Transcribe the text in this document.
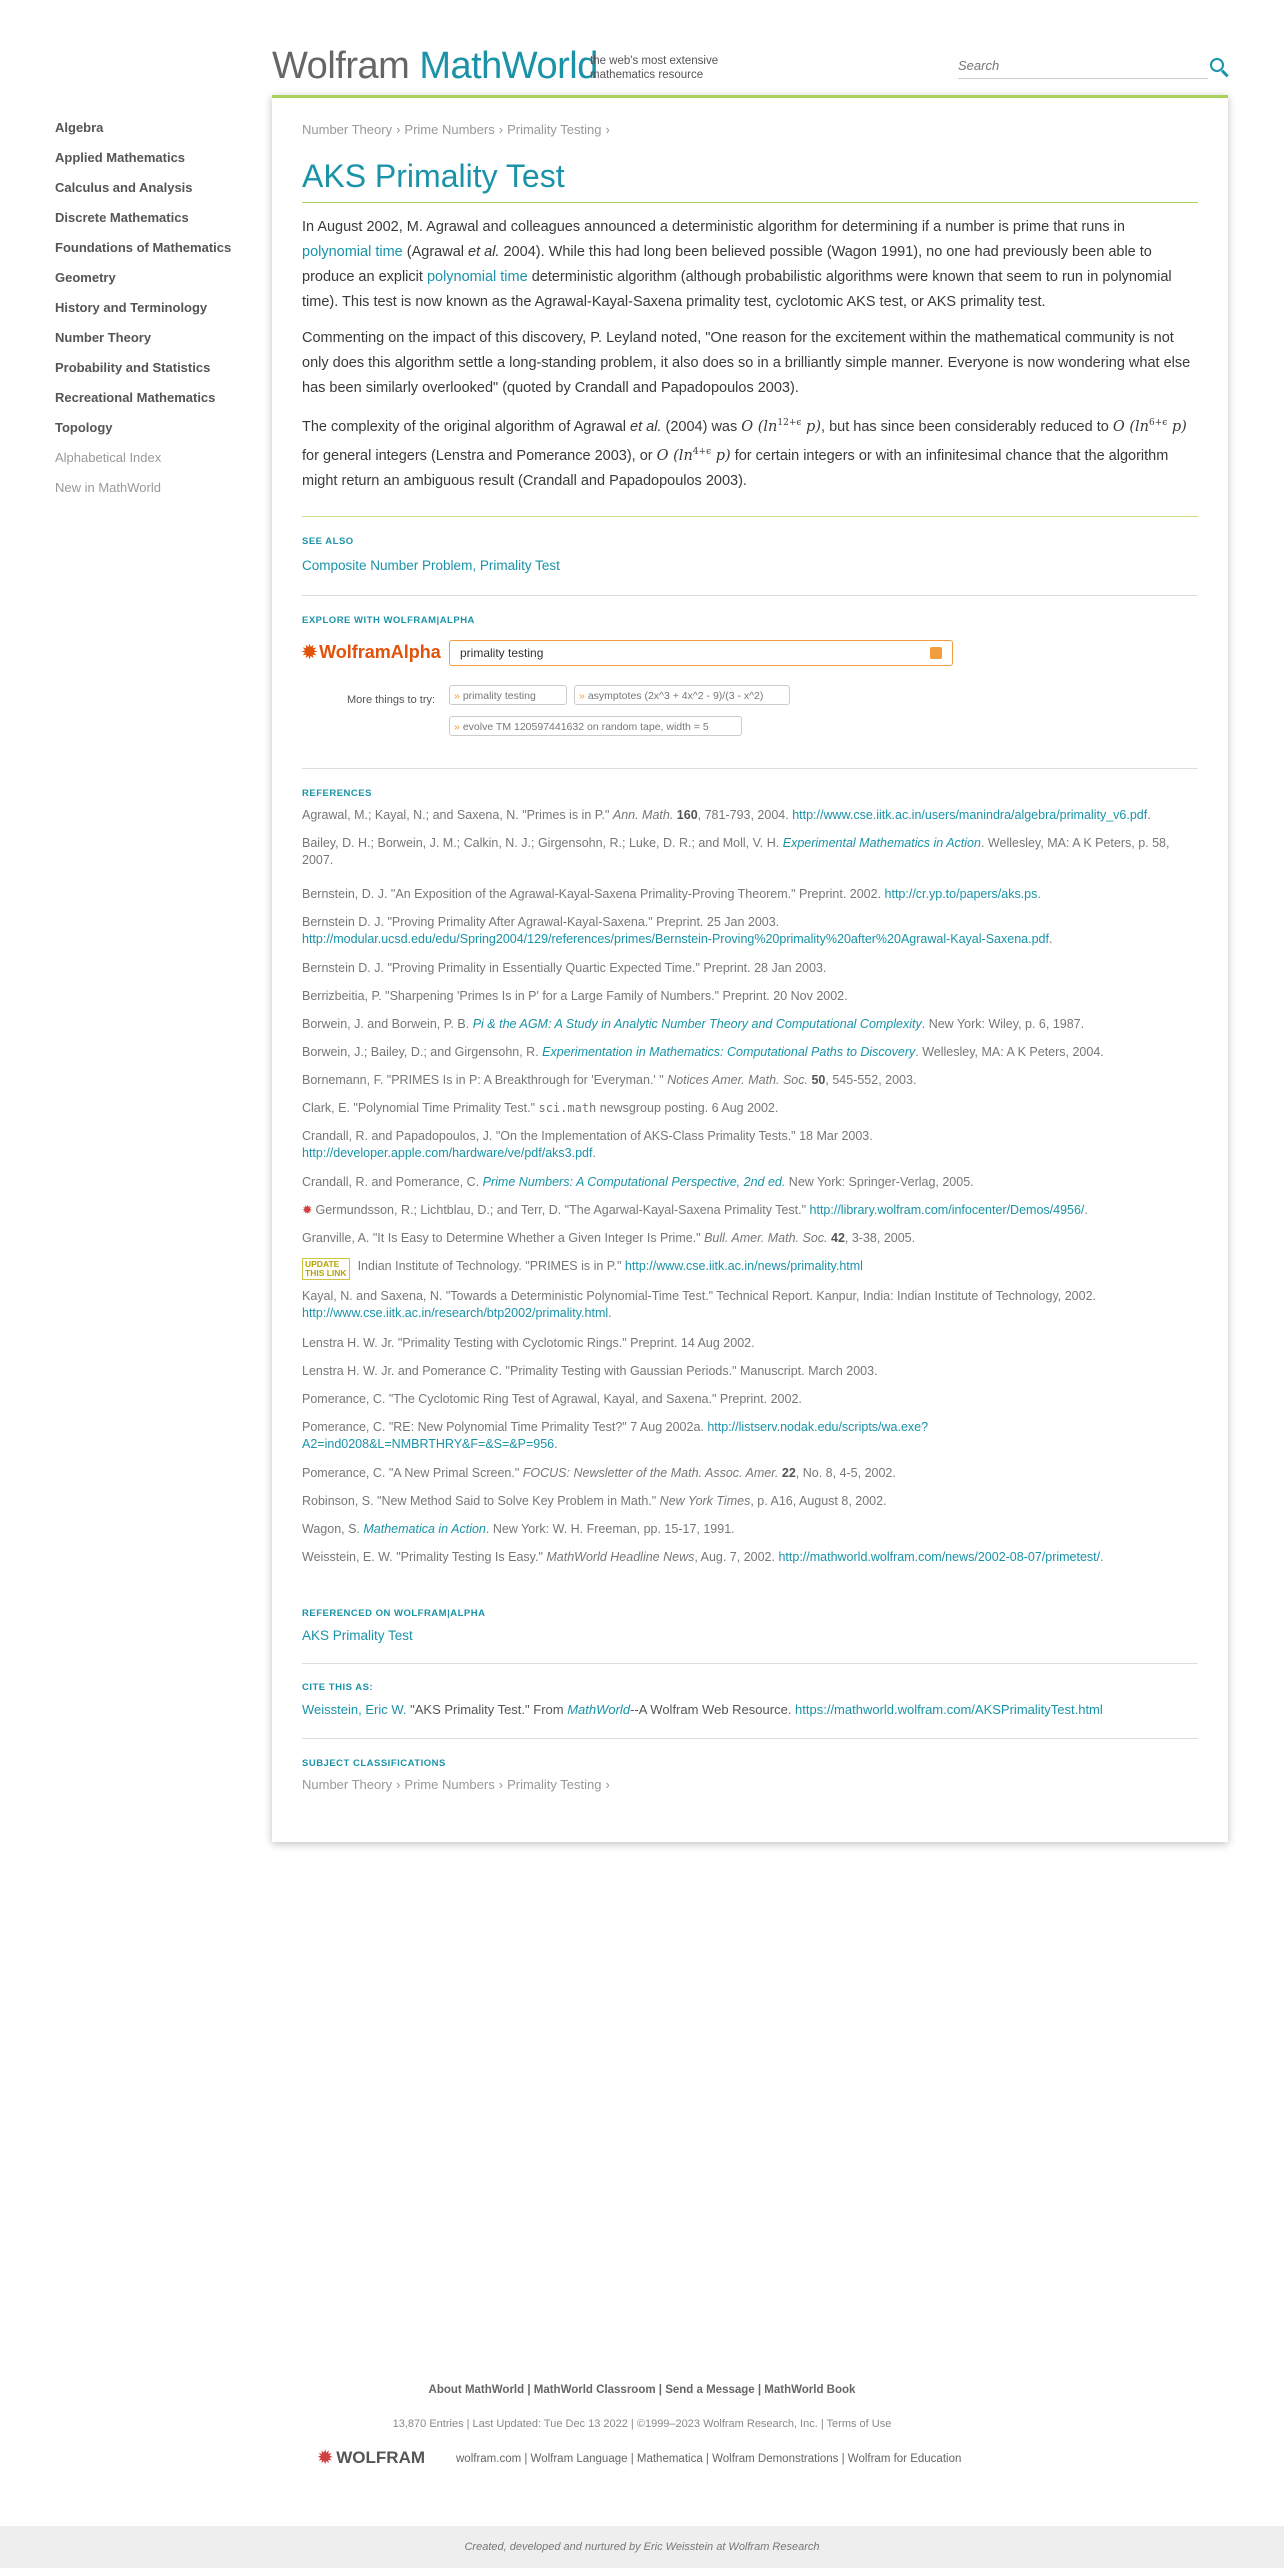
Wolfram MathWorld
the web's most extensive mathematics resource
Search
Algebra
Applied Mathematics
Calculus and Analysis
Discrete Mathematics
Foundations of Mathematics
Geometry
History and Terminology
Number Theory
Probability and Statistics
Recreational Mathematics
Topology
Alphabetical Index
New in MathWorld
Number Theory › Prime Numbers › Primality Testing ›
AKS Primality Test
In August 2002, M. Agrawal and colleagues announced a deterministic algorithm for determining if a number is prime that runs in polynomial time (Agrawal et al. 2004). While this had long been believed possible (Wagon 1991), no one had previously been able to produce an explicit polynomial time deterministic algorithm (although probabilistic algorithms were known that seem to run in polynomial time). This test is now known as the Agrawal-Kayal-Saxena primality test, cyclotomic AKS test, or AKS primality test.
Commenting on the impact of this discovery, P. Leyland noted, "One reason for the excitement within the mathematical community is not only does this algorithm settle a long-standing problem, it also does so in a brilliantly simple manner. Everyone is now wondering what else has been similarly overlooked" (quoted by Crandall and Papadopoulos 2003).
The complexity of the original algorithm of Agrawal et al. (2004) was O ($\ln^{12+\epsilon}$ p), but has since been considerably reduced to O ($\ln^{6+\epsilon}$ p) for general integers (Lenstra and Pomerance 2003), or O ($\ln^{4+\epsilon}$ p) for certain integers or with an infinitesimal chance that the algorithm might return an ambiguous result (Crandall and Papadopoulos 2003).
SEE ALSO
Composite Number Problem, Primality Test
EXPLORE WITH WOLFRAM|ALPHA
✹ WolframAlpha	primality testing
More things to try:	» primality testing	» asymptotes (2x^3 + 4x^2 - 9)/(3 - x^2)
» evolve TM 120597441632 on random tape, width = 5
REFERENCES
Agrawal, M.; Kayal, N.; and Saxena, N. "Primes is in P." Ann. Math. 160, 781-793, 2004. http://www.cse.iitk.ac.in/users/manindra/algebra/primality_v6.pdf.
Bailey, D. H.; Borwein, J. M.; Calkin, N. J.; Girgensohn, R.; Luke, D. R.; and Moll, V. H. Experimental Mathematics in Action. Wellesley, MA: A K Peters, p. 58, 2007.
Bernstein, D. J. "An Exposition of the Agrawal-Kayal-Saxena Primality-Proving Theorem." Preprint. 2002. http://cr.yp.to/papers/aks.ps.
Bernstein D. J. "Proving Primality After Agrawal-Kayal-Saxena." Preprint. 25 Jan 2003.
http://modular.ucsd.edu/edu/Spring2004/129/references/primes/Bernstein-Proving%20primality%20after%20Agrawal-Kayal-Saxena.pdf.
Bernstein D. J. "Proving Primality in Essentially Quartic Expected Time." Preprint. 28 Jan 2003.
Berrizbeitia, P. "Sharpening 'Primes Is in P' for a Large Family of Numbers." Preprint. 20 Nov 2002.
Borwein, J. and Borwein, P. B. Pi & the AGM: A Study in Analytic Number Theory and Computational Complexity. New York: Wiley, p. 6, 1987.
Borwein, J.; Bailey, D.; and Girgensohn, R. Experimentation in Mathematics: Computational Paths to Discovery. Wellesley, MA: A K Peters, 2004.
Bornemann, F. "PRIMES Is in P: A Breakthrough for 'Everyman.' " Notices Amer. Math. Soc. 50, 545-552, 2003.
Clark, E. "Polynomial Time Primality Test." sci.math newsgroup posting. 6 Aug 2002.
Crandall, R. and Papadopoulos, J. "On the Implementation of AKS-Class Primality Tests." 18 Mar 2003.
http://developer.apple.com/hardware/ve/pdf/aks3.pdf.
Crandall, R. and Pomerance, C. Prime Numbers: A Computational Perspective, 2nd ed. New York: Springer-Verlag, 2005.
✹ Germundsson, R.; Lichtblau, D.; and Terr, D. "The Agarwal-Kayal-Saxena Primality Test." http://library.wolfram.com/infocenter/Demos/4956/.
Granville, A. "It Is Easy to Determine Whether a Given Integer Is Prime." Bull. Amer. Math. Soc. 42, 3-38, 2005.
UPDATE
THIS LINK Indian Institute of Technology. "PRIMES is in P." http://www.cse.iitk.ac.in/news/primality.html
Kayal, N. and Saxena, N. "Towards a Deterministic Polynomial-Time Test." Technical Report. Kanpur, India: Indian Institute of Technology, 2002.
http://www.cse.iitk.ac.in/research/btp2002/primality.html.
Lenstra H. W. Jr. "Primality Testing with Cyclotomic Rings." Preprint. 14 Aug 2002.
Lenstra H. W. Jr. and Pomerance C. "Primality Testing with Gaussian Periods." Manuscript. March 2003.
Pomerance, C. "The Cyclotomic Ring Test of Agrawal, Kayal, and Saxena." Preprint. 2002.
Pomerance, C. "RE: New Polynomial Time Primality Test?" 7 Aug 2002a. http://listserv.nodak.edu/scripts/wa.exe?
A2=ind0208&L=NMBRTHRY&F=&S=&P=956.
Pomerance, C. "A New Primal Screen." FOCUS: Newsletter of the Math. Assoc. Amer. 22, No. 8, 4-5, 2002.
Robinson, S. "New Method Said to Solve Key Problem in Math." New York Times, p. A16, August 8, 2002.
Wagon, S. Mathematica in Action. New York: W. H. Freeman, pp. 15-17, 1991.
Weisstein, E. W. "Primality Testing Is Easy." MathWorld Headline News, Aug. 7, 2002. http://mathworld.wolfram.com/news/2002-08-07/primetest/.
REFERENCED ON WOLFRAM|ALPHA
AKS Primality Test
CITE THIS AS:
Weisstein, Eric W. "AKS Primality Test." From MathWorld--A Wolfram Web Resource. https://mathworld.wolfram.com/AKSPrimalityTest.html
SUBJECT CLASSIFICATIONS
Number Theory › Prime Numbers › Primality Testing ›
About MathWorld | MathWorld Classroom | Send a Message | MathWorld Book
13,870 Entries | Last Updated: Tue Dec 13 2022 | ©1999–2023 Wolfram Research, Inc. | Terms of Use
✹ WOLFRAM	wolfram.com | Wolfram Language | Mathematica | Wolfram Demonstrations | Wolfram for Education
Created, developed and nurtured by Eric Weisstein at Wolfram Research
